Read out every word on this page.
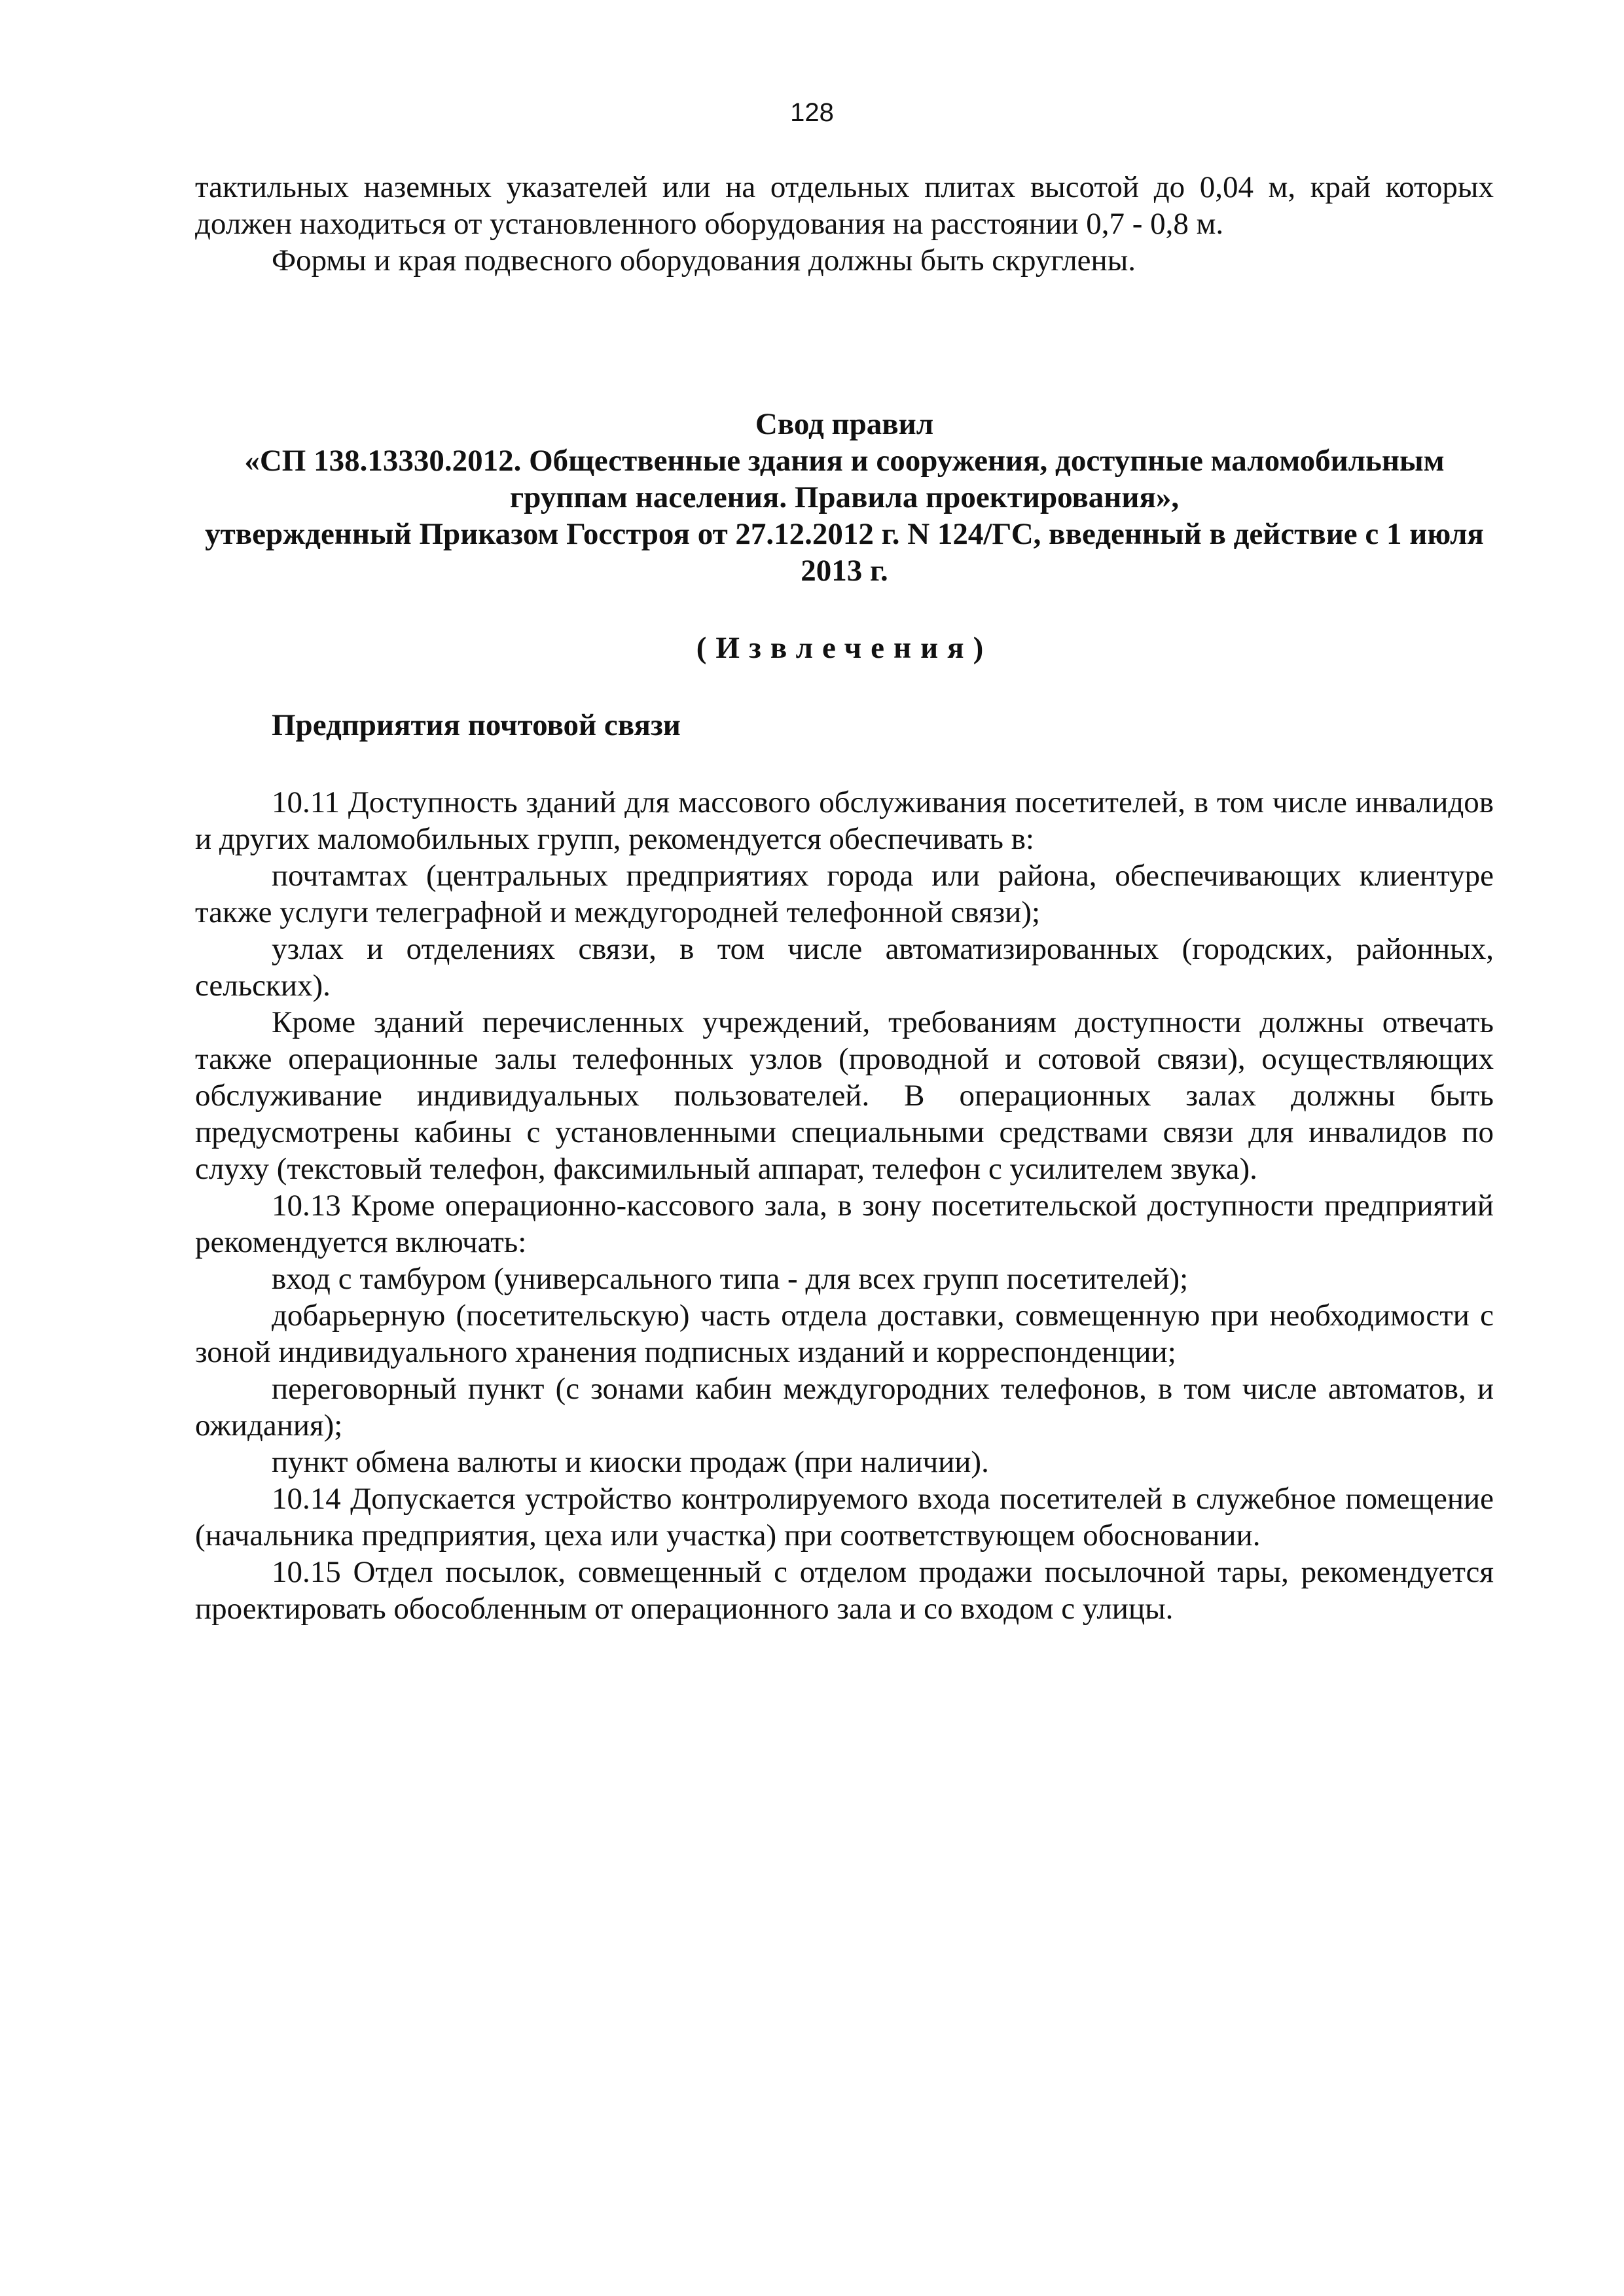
128

тактильных наземных указателей или на отдельных плитах высотой до 0,04 м, край которых должен находиться от установленного оборудования на расстоянии 0,7 - 0,8 м.

Формы и края подвесного оборудования должны быть скруглены.

Свод правил
«СП 138.13330.2012. Общественные здания и сооружения, доступные маломобильным группам населения. Правила проектирования»,
утвержденный Приказом Госстроя от 27.12.2012 г. N 124/ГС, введенный в действие с 1 июля 2013 г.
(Извлечения)
Предприятия почтовой связи

10.11 Доступность зданий для массового обслуживания посетителей, в том числе инвалидов и других маломобильных групп, рекомендуется обеспечивать в:

почтамтах (центральных предприятиях города или района, обеспечивающих клиентуре также услуги телеграфной и междугородней телефонной связи);

узлах и отделениях связи, в том числе автоматизированных (городских, районных, сельских).

Кроме зданий перечисленных учреждений, требованиям доступности должны отвечать также операционные залы телефонных узлов (проводной и сотовой связи), осуществляющих обслуживание индивидуальных пользователей. В операционных залах должны быть предусмотрены кабины с установленными специальными средствами связи для инвалидов по слуху (текстовый телефон, факсимильный аппарат, телефон с усилителем звука).

10.13 Кроме операционно-кассового зала, в зону посетительской доступности предприятий рекомендуется включать:

вход с тамбуром (универсального типа - для всех групп посетителей);

добарьерную (посетительскую) часть отдела доставки, совмещенную при необходимости с зоной индивидуального хранения подписных изданий и корреспонденции;

переговорный пункт (с зонами кабин междугородних телефонов, в том числе автоматов, и ожидания);

пункт обмена валюты и киоски продаж (при наличии).

10.14 Допускается устройство контролируемого входа посетителей в служебное помещение (начальника предприятия, цеха или участка) при соответствующем обосновании.

10.15 Отдел посылок, совмещенный с отделом продажи посылочной тары, рекомендуется проектировать обособленным от операционного зала и со входом с улицы.
